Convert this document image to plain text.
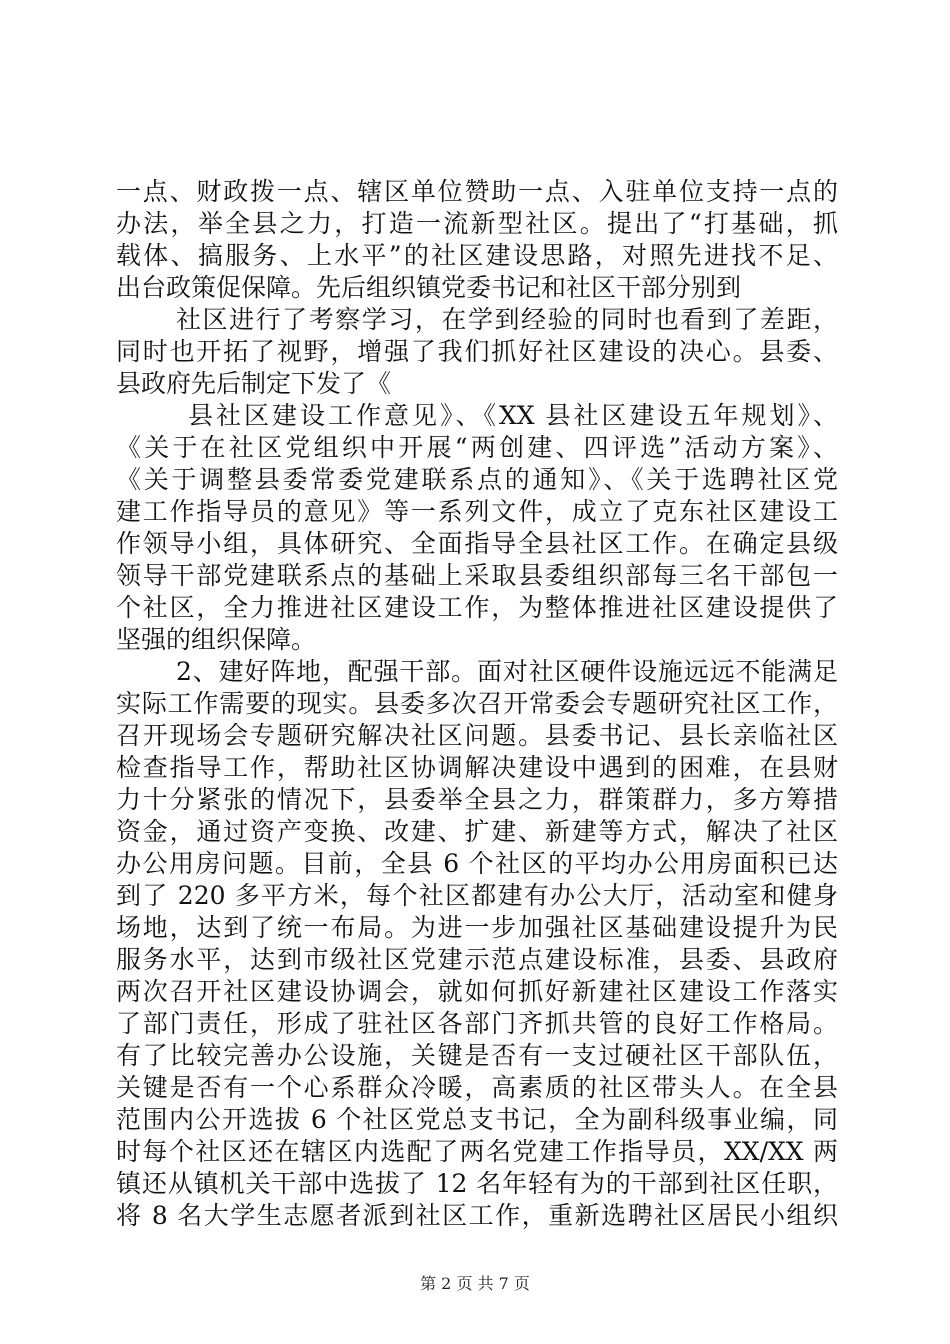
一点、财政拨一点、辖区单位赞助一点、入驻单位支持一点的
办法，举全县之力，打造一流新型社区。提出了“打基础，抓
载体、搞服务、上水平”的社区建设思路，对照先进找不足、
出台政策促保障。先后组织镇党委书记和社区干部分别到
社区进行了考察学习，在学到经验的同时也看到了差距，
同时也开拓了视野，增强了我们抓好社区建设的决心。县委、
县政府先后制定下发了《
县社区建设工作意见》、《XX 县社区建设五年规划》、
《关于在社区党组织中开展“两创建、四评选”活动方案》、
《关于调整县委常委党建联系点的通知》、《关于选聘社区党
建工作指导员的意见》等一系列文件，成立了克东社区建设工
作领导小组，具体研究、全面指导全县社区工作。在确定县级
领导干部党建联系点的基础上采取县委组织部每三名干部包一
个社区，全力推进社区建设工作，为整体推进社区建设提供了
坚强的组织保障。
2、建好阵地，配强干部。面对社区硬件设施远远不能满足
实际工作需要的现实。县委多次召开常委会专题研究社区工作，
召开现场会专题研究解决社区问题。县委书记、县长亲临社区
检查指导工作，帮助社区协调解决建设中遇到的困难，在县财
力十分紧张的情况下，县委举全县之力，群策群力，多方筹措
资金，通过资产变换、改建、扩建、新建等方式，解决了社区
办公用房问题。目前，全县 6 个社区的平均办公用房面积已达
到了 220 多平方米，每个社区都建有办公大厅，活动室和健身
场地，达到了统一布局。为进一步加强社区基础建设提升为民
服务水平，达到市级社区党建示范点建设标准，县委、县政府
两次召开社区建设协调会，就如何抓好新建社区建设工作落实
了部门责任，形成了驻社区各部门齐抓共管的良好工作格局。
有了比较完善办公设施，关键是否有一支过硬社区干部队伍，
关键是否有一个心系群众冷暖，高素质的社区带头人。在全县
范围内公开选拔 6 个社区党总支书记，全为副科级事业编，同
时每个社区还在辖区内选配了两名党建工作指导员，XX/XX 两
镇还从镇机关干部中选拔了 12 名年轻有为的干部到社区任职，
将 8 名大学生志愿者派到社区工作，重新选聘社区居民小组织
第 2 页 共 7 页
